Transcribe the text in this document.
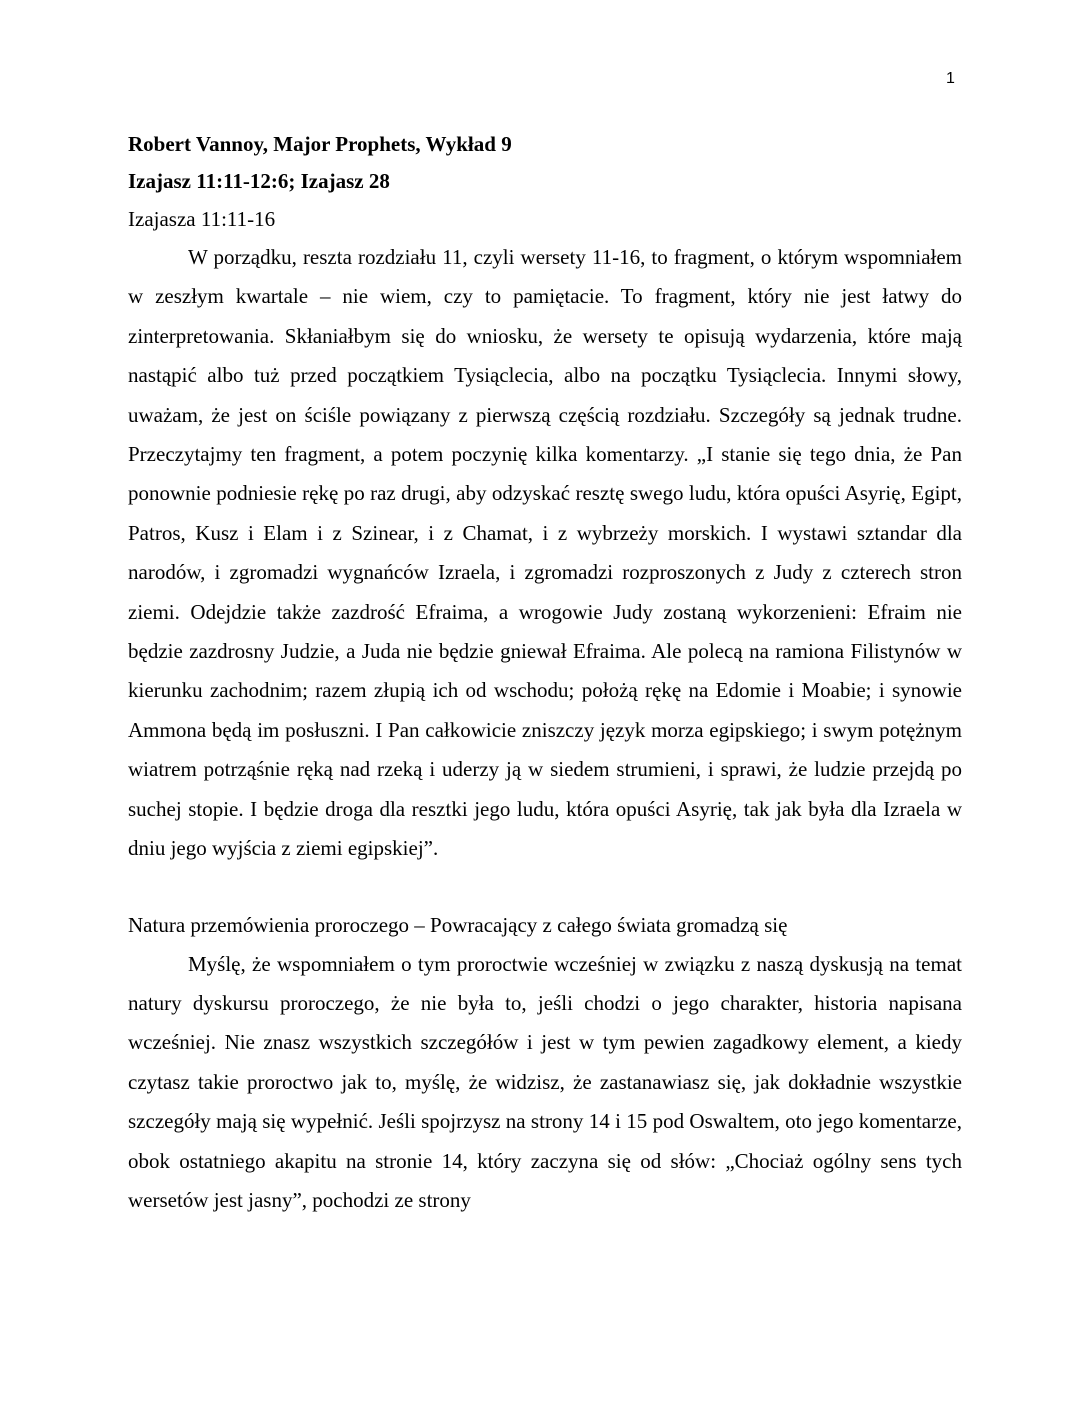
1

Robert Vannoy, Major Prophets, Wykład 9

Izajasz 11:11-12:6; Izajasz 28

Izajasza 11:11-16

W porządku, reszta rozdziału 11, czyli wersety 11-16, to fragment, o którym wspomniałem w zeszłym kwartale – nie wiem, czy to pamiętacie. To fragment, który nie jest łatwy do zinterpretowania. Skłaniałbym się do wniosku, że wersety te opisują wydarzenia, które mają nastąpić albo tuż przed początkiem Tysiąclecia, albo na początku Tysiąclecia. Innymi słowy, uważam, że jest on ściśle powiązany z pierwszą częścią rozdziału. Szczegóły są jednak trudne. Przeczytajmy ten fragment, a potem poczynię kilka komentarzy. „I stanie się tego dnia, że Pan ponownie podniesie rękę po raz drugi, aby odzyskać resztę swego ludu, która opuści Asyrię, Egipt, Patros, Kusz i Elam i z Szinear, i z Chamat, i z wybrzeży morskich. I wystawi sztandar dla narodów, i zgromadzi wygnańców Izraela, i zgromadzi rozproszonych z Judy z czterech stron ziemi. Odejdzie także zazdrość Efraima, a wrogowie Judy zostaną wykorzenieni: Efraim nie będzie zazdrosny Judzie, a Juda nie będzie gniewał Efraima. Ale polecą na ramiona Filistynów w kierunku zachodnim; razem złupią ich od wschodu; położą rękę na Edomie i Moabie; i synowie Ammona będą im posłuszni. I Pan całkowicie zniszczy język morza egipskiego; i swym potężnym wiatrem potrząśnie ręką nad rzeką i uderzy ją w siedem strumieni, i sprawi, że ludzie przejdą po suchej stopie. I będzie droga dla resztki jego ludu, która opuści Asyrię, tak jak była dla Izraela w dniu jego wyjścia z ziemi egipskiej”.

Natura przemówienia proroczego – Powracający z całego świata gromadzą się

Myślę, że wspomniałem o tym proroctwie wcześniej w związku z naszą dyskusją na temat natury dyskursu proroczego, że nie była to, jeśli chodzi o jego charakter, historia napisana wcześniej. Nie znasz wszystkich szczegółów i jest w tym pewien zagadkowy element, a kiedy czytasz takie proroctwo jak to, myślę, że widzisz, że zastanawiasz się, jak dokładnie wszystkie szczegóły mają się wypełnić. Jeśli spojrzysz na strony 14 i 15 pod Oswaltem, oto jego komentarze, obok ostatniego akapitu na stronie 14, który zaczyna się od słów: „Chociaż ogólny sens tych wersetów jest jasny”, pochodzi ze strony
